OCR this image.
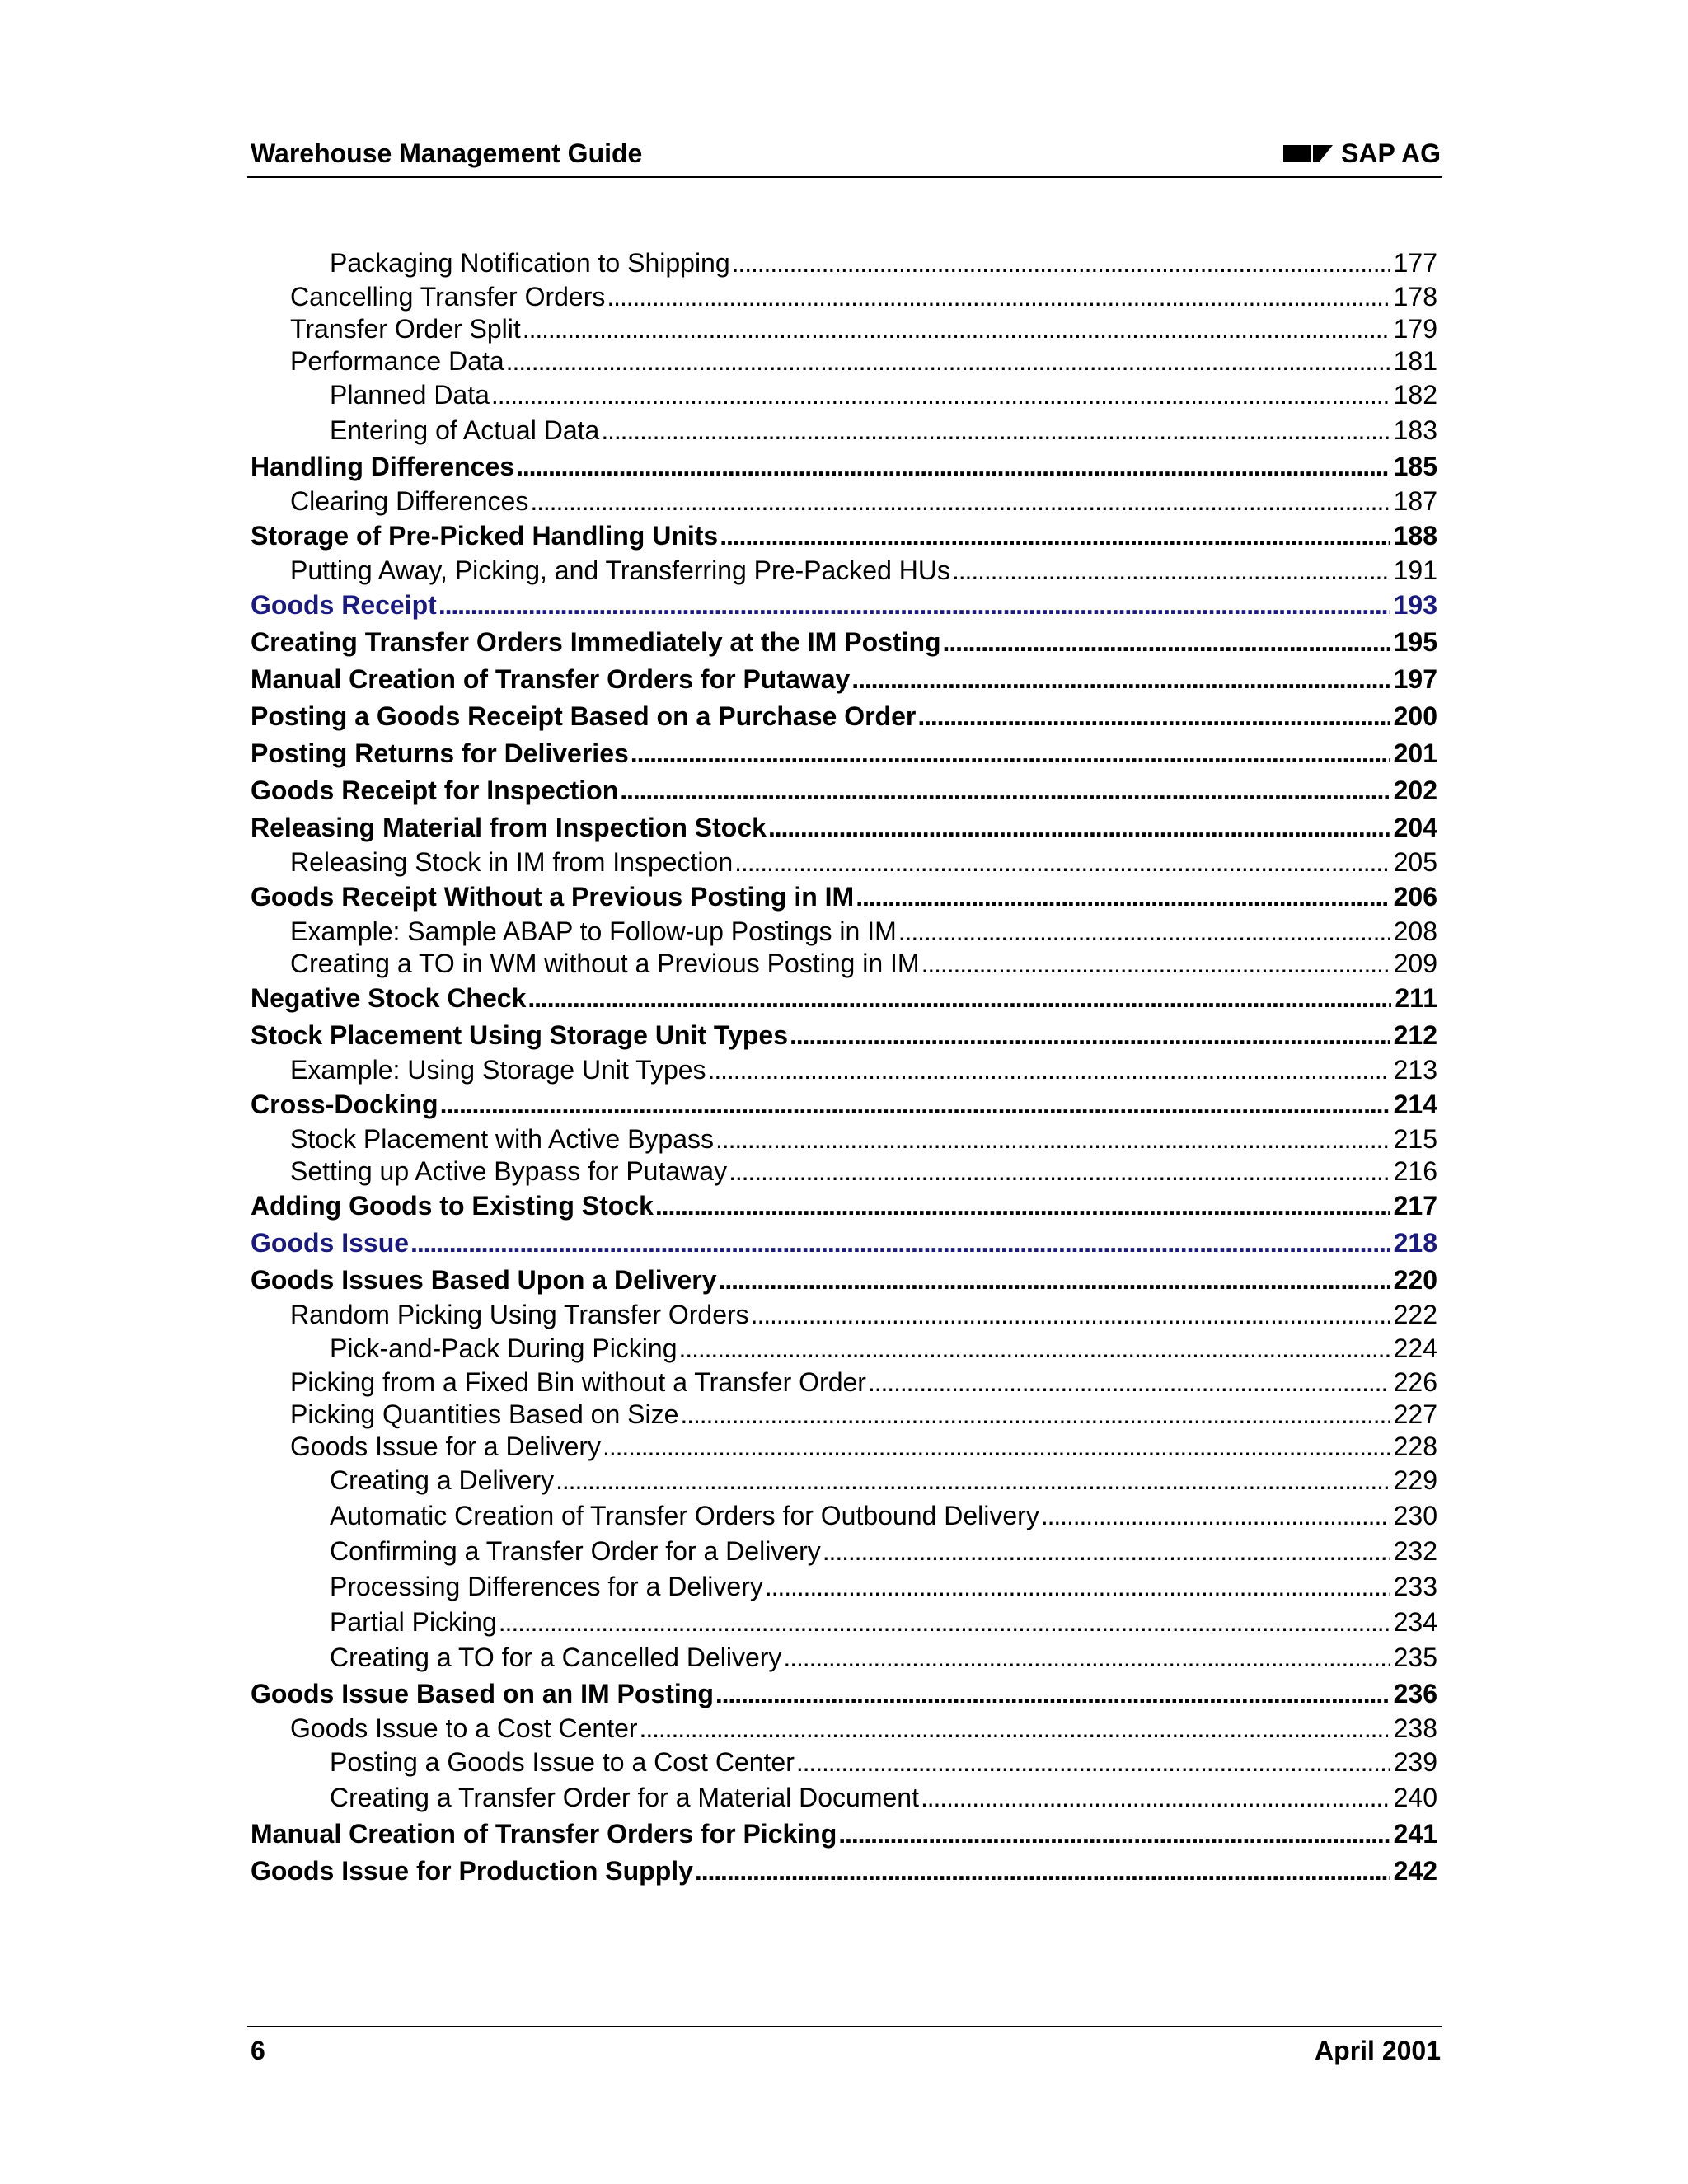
Warehouse Management Guide	SAP AG
Packaging Notification to Shipping . . .	177
Cancelling Transfer Orders . . .	178
Transfer Order Split . . .	179
Performance Data . . .	181
Planned Data . . .	182
Entering of Actual Data . . .	183
Handling Differences . . .	185
Clearing Differences . . .	187
Storage of Pre-Picked Handling Units . . .	188
Putting Away, Picking, and Transferring Pre-Packed HUs . . .	191
Goods Receipt . . .	193
Creating Transfer Orders Immediately at the IM Posting . . .	195
Manual Creation of Transfer Orders for Putaway . . .	197
Posting a Goods Receipt Based on a Purchase Order . . .	200
Posting Returns for Deliveries . . .	201
Goods Receipt for Inspection . . .	202
Releasing Material from Inspection Stock . . .	204
Releasing Stock in IM from Inspection . . .	205
Goods Receipt Without a Previous Posting in IM . . .	206
Example: Sample ABAP to Follow-up Postings in IM . . .	208
Creating a TO in WM without a Previous Posting in IM . . .	209
Negative Stock Check . . .	211
Stock Placement Using Storage Unit Types . . .	212
Example: Using Storage Unit Types . . .	213
Cross-Docking . . .	214
Stock Placement with Active Bypass . . .	215
Setting up Active Bypass for Putaway . . .	216
Adding Goods to Existing Stock . . .	217
Goods Issue . . .	218
Goods Issues Based Upon a Delivery . . .	220
Random Picking Using Transfer Orders . . .	222
Pick-and-Pack During Picking . . .	224
Picking from a Fixed Bin without a Transfer Order . . .	226
Picking Quantities Based on Size . . .	227
Goods Issue for a Delivery . . .	228
Creating a Delivery . . .	229
Automatic Creation of Transfer Orders for Outbound Delivery . . .	230
Confirming a Transfer Order for a Delivery . . .	232
Processing Differences for a Delivery . . .	233
Partial Picking . . .	234
Creating a TO for a Cancelled Delivery . . .	235
Goods Issue Based on an IM Posting . . .	236
Goods Issue to a Cost Center . . .	238
Posting a Goods Issue to a Cost Center . . .	239
Creating a Transfer Order for a Material Document . . .	240
Manual Creation of Transfer Orders for Picking . . .	241
Goods Issue for Production Supply . . .	242
6	April 2001
